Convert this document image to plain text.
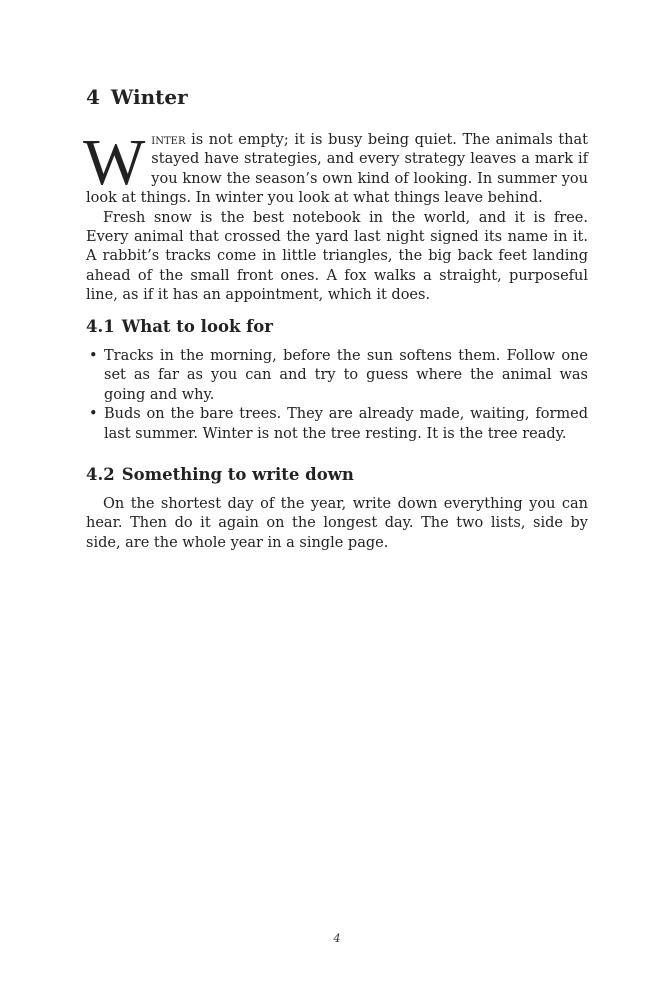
4 Winter

Winter is not empty; it is busy being quiet. The animals that stayed have strategies, and every strategy leaves a mark if you know the season’s own kind of looking. In summer you look at things. In winter you look at what things leave behind.

Fresh snow is the best notebook in the world, and it is free. Every animal that crossed the yard last night signed its name in it. A rabbit’s tracks come in little triangles, the big back feet landing ahead of the small front ones. A fox walks a straight, purposeful line, as if it has an appointment, which it does.

4.1 What to look for
• Tracks in the morning, before the sun softens them. Follow one set as far as you can and try to guess where the animal was going and why.
• Buds on the bare trees. They are already made, waiting, formed last summer. Winter is not the tree resting. It is the tree ready.
4.2 Something to write down

On the shortest day of the year, write down everything you can hear. Then do it again on the longest day. The two lists, side by side, are the whole year in a single page.

4
